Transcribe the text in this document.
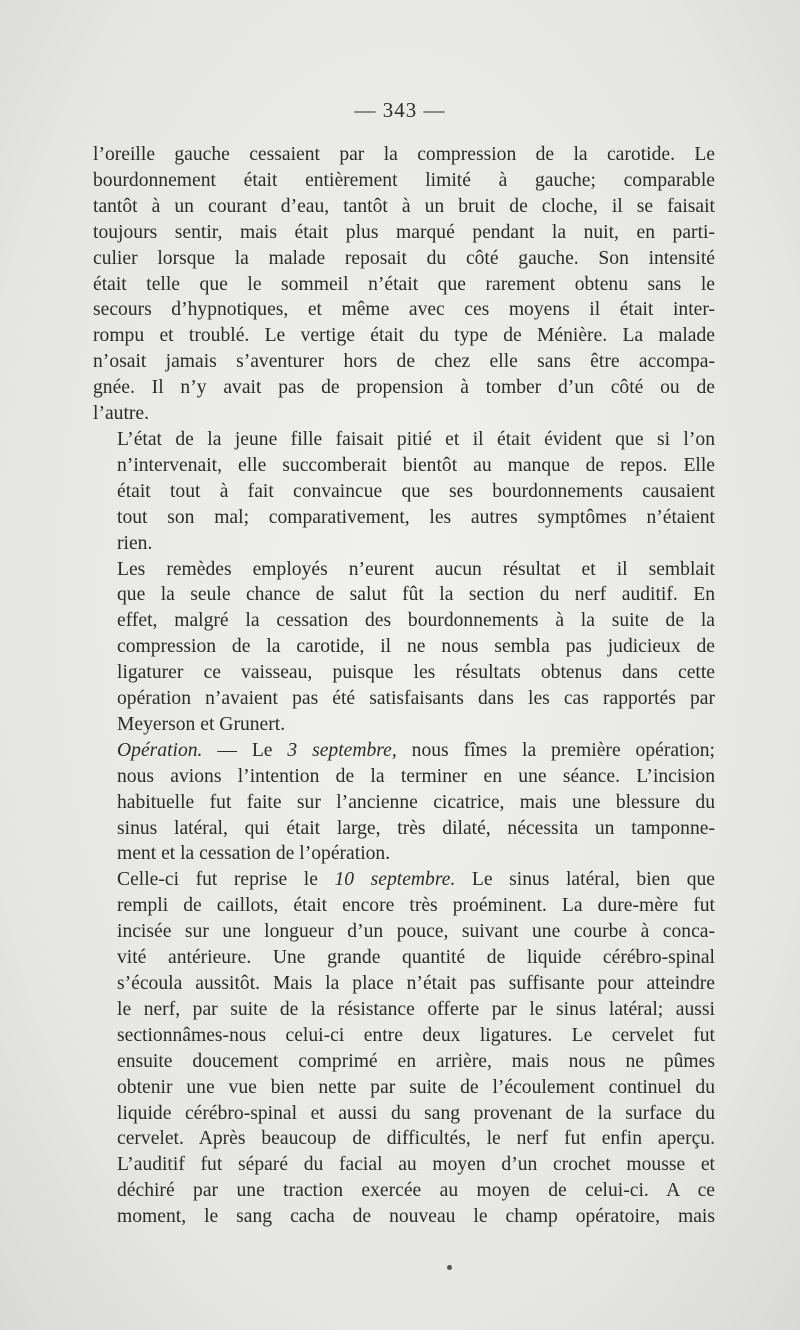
— 343 —

l’oreille gauche cessaient par la compression de la carotide. Le
bourdonnement était entièrement limité à gauche; comparable
tantôt à un courant d’eau, tantôt à un bruit de cloche, il se faisait
toujours sentir, mais était plus marqué pendant la nuit, en parti-
culier lorsque la malade reposait du côté gauche. Son intensité
était telle que le sommeil n’était que rarement obtenu sans le
secours d’hypnotiques, et même avec ces moyens il était inter-
rompu et troublé. Le vertige était du type de Ménière. La malade
n’osait jamais s’aventurer hors de chez elle sans être accompa-
gnée. Il n’y avait pas de propension à tomber d’un côté ou de
l’autre.

L’état de la jeune fille faisait pitié et il était évident que si l’on
n’intervenait, elle succomberait bientôt au manque de repos. Elle
était tout à fait convaincue que ses bourdonnements causaient
tout son mal; comparativement, les autres symptômes n’étaient
rien.

Les remèdes employés n’eurent aucun résultat et il semblait
que la seule chance de salut fût la section du nerf auditif. En
effet, malgré la cessation des bourdonnements à la suite de la
compression de la carotide, il ne nous sembla pas judicieux de
ligaturer ce vaisseau, puisque les résultats obtenus dans cette
opération n’avaient pas été satisfaisants dans les cas rapportés par
Meyerson et Grunert.

Opération. — Le 3 septembre, nous fîmes la première opération;
nous avions l’intention de la terminer en une séance. L’incision
habituelle fut faite sur l’ancienne cicatrice, mais une blessure du
sinus latéral, qui était large, très dilaté, nécessita un tamponne-
ment et la cessation de l’opération.

Celle-ci fut reprise le 10 septembre. Le sinus latéral, bien que
rempli de caillots, était encore très proéminent. La dure-mère fut
incisée sur une longueur d’un pouce, suivant une courbe à conca-
vité antérieure. Une grande quantité de liquide cérébro-spinal
s’écoula aussitôt. Mais la place n’était pas suffisante pour atteindre
le nerf, par suite de la résistance offerte par le sinus latéral; aussi
sectionnâmes-nous celui-ci entre deux ligatures. Le cervelet fut
ensuite doucement comprimé en arrière, mais nous ne pûmes
obtenir une vue bien nette par suite de l’écoulement continuel du
liquide cérébro-spinal et aussi du sang provenant de la surface du
cervelet. Après beaucoup de difficultés, le nerf fut enfin aperçu.
L’auditif fut séparé du facial au moyen d’un crochet mousse et
déchiré par une traction exercée au moyen de celui-ci. A ce
moment, le sang cacha de nouveau le champ opératoire, mais
